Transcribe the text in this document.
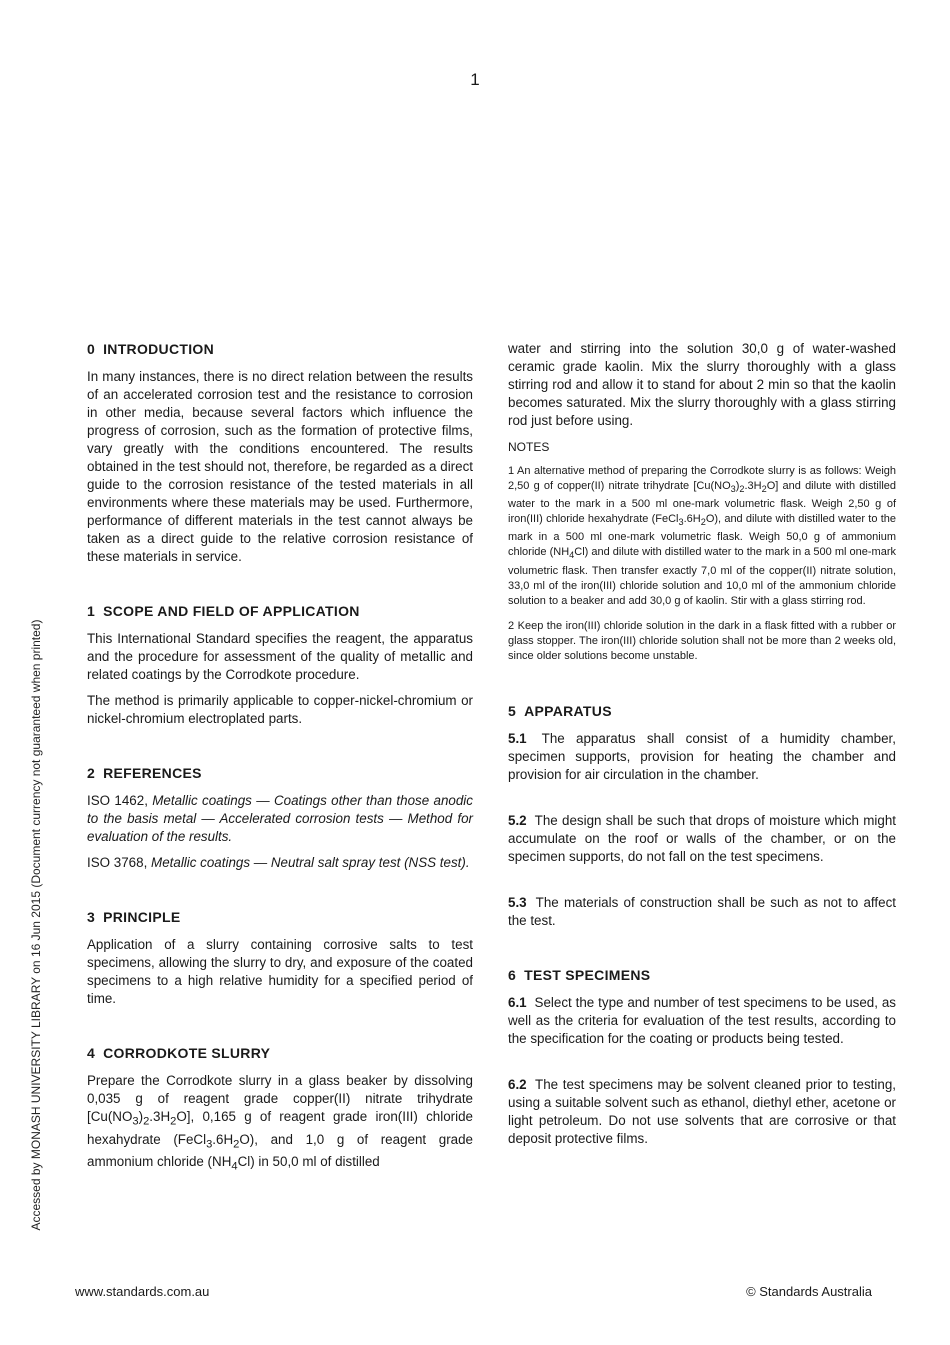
1
Accessed by MONASH UNIVERSITY LIBRARY on 16 Jun 2015 (Document currency not guaranteed when printed)
0 INTRODUCTION

In many instances, there is no direct relation between the results of an accelerated corrosion test and the resistance to corrosion in other media, because several factors which influence the progress of corrosion, such as the formation of protective films, vary greatly with the conditions encountered. The results obtained in the test should not, therefore, be regarded as a direct guide to the corrosion resistance of the tested materials in all environments where these materials may be used. Furthermore, performance of different materials in the test cannot always be taken as a direct guide to the relative corrosion resistance of these materials in service.

1 SCOPE AND FIELD OF APPLICATION

This International Standard specifies the reagent, the apparatus and the procedure for assessment of the quality of metallic and related coatings by the Corrodkote procedure.

The method is primarily applicable to copper-nickel-chromium or nickel-chromium electroplated parts.

2 REFERENCES

ISO 1462, Metallic coatings — Coatings other than those anodic to the basis metal — Accelerated corrosion tests — Method for evaluation of the results.

ISO 3768, Metallic coatings — Neutral salt spray test (NSS test).

3 PRINCIPLE

Application of a slurry containing corrosive salts to test specimens, allowing the slurry to dry, and exposure of the coated specimens to a high relative humidity for a specified period of time.

4 CORRODKOTE SLURRY

Prepare the Corrodkote slurry in a glass beaker by dissolving 0,035 g of reagent grade copper(II) nitrate trihydrate $[Cu(NO_3)_2.3H_2O]$, 0,165 g of reagent grade iron(III) chloride hexahydrate $(FeCl_3.6H_2O)$, and 1,0 g of reagent grade ammonium chloride $(NH_4Cl)$ in 50,0 ml of distilled

water and stirring into the solution 30,0 g of water-washed ceramic grade kaolin. Mix the slurry thoroughly with a glass stirring rod and allow it to stand for about 2 min so that the kaolin becomes saturated. Mix the slurry thoroughly with a glass stirring rod just before using.

NOTES

1 An alternative method of preparing the Corrodkote slurry is as follows: Weigh 2,50 g of copper(II) nitrate trihydrate $[Cu(NO_3)_2.3H_2O]$ and dilute with distilled water to the mark in a 500 ml one-mark volumetric flask. Weigh 2,50 g of iron(III) chloride hexahydrate $(FeCl_3.6H_2O)$, and dilute with distilled water to the mark in a 500 ml one-mark volumetric flask. Weigh 50,0 g of ammonium chloride $(NH_4Cl)$ and dilute with distilled water to the mark in a 500 ml one-mark volumetric flask. Then transfer exactly 7,0 ml of the copper(II) nitrate solution, 33,0 ml of the iron(III) chloride solution and 10,0 ml of the ammonium chloride solution to a beaker and add 30,0 g of kaolin. Stir with a glass stirring rod.

2 Keep the iron(III) chloride solution in the dark in a flask fitted with a rubber or glass stopper. The iron(III) chloride solution shall not be more than 2 weeks old, since older solutions become unstable.

5 APPARATUS

5.1 The apparatus shall consist of a humidity chamber, specimen supports, provision for heating the chamber and provision for air circulation in the chamber.

5.2 The design shall be such that drops of moisture which might accumulate on the roof or walls of the chamber, or on the specimen supports, do not fall on the test specimens.

5.3 The materials of construction shall be such as not to affect the test.

6 TEST SPECIMENS

6.1 Select the type and number of test specimens to be used, as well as the criteria for evaluation of the test results, according to the specification for the coating or products being tested.

6.2 The test specimens may be solvent cleaned prior to testing, using a suitable solvent such as ethanol, diethyl ether, acetone or light petroleum. Do not use solvents that are corrosive or that deposit protective films.

www.standards.com.au	© Standards Australia
